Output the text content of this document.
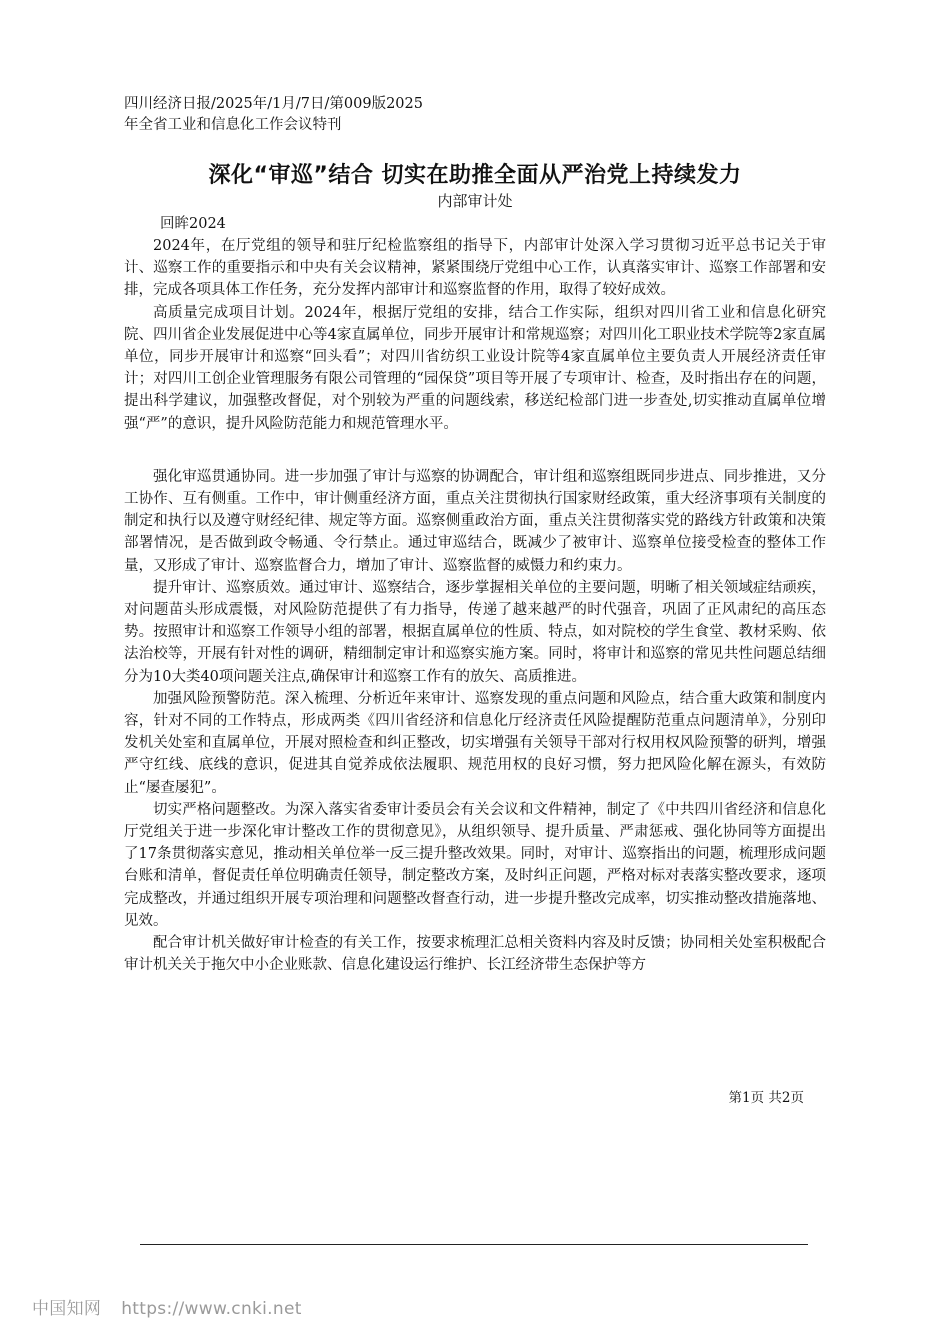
四川经济日报/2025年/1月/7日/第009版2025年全省工业和信息化工作会议特刊
深化“审巡”结合 切实在助推全面从严治党上持续发力
内部审计处
回眸2024

2024年，在厅党组的领导和驻厅纪检监察组的指导下，内部审计处深入学习贯彻习近平总书记关于审计、巡察工作的重要指示和中央有关会议精神，紧紧围绕厅党组中心工作，认真落实审计、巡察工作部署和安排，完成各项具体工作任务，充分发挥内部审计和巡察监督的作用，取得了较好成效。

高质量完成项目计划。2024年，根据厅党组的安排，结合工作实际，组织对四川省工业和信息化研究院、四川省企业发展促进中心等4家直属单位，同步开展审计和常规巡察；对四川化工职业技术学院等2家直属单位，同步开展审计和巡察“回头看”；对四川省纺织工业设计院等4家直属单位主要负责人开展经济责任审计；对四川工创企业管理服务有限公司管理的“园保贷”项目等开展了专项审计、检查，及时指出存在的问题，提出科学建议，加强整改督促，对个别较为严重的问题线索，移送纪检部门进一步查处,切实推动直属单位增强“严”的意识，提升风险防范能力和规范管理水平。

强化审巡贯通协同。进一步加强了审计与巡察的协调配合，审计组和巡察组既同步进点、同步推进，又分工协作、互有侧重。工作中，审计侧重经济方面，重点关注贯彻执行国家财经政策，重大经济事项有关制度的制定和执行以及遵守财经纪律、规定等方面。巡察侧重政治方面，重点关注贯彻落实党的路线方针政策和决策部署情况，是否做到政令畅通、令行禁止。通过审巡结合，既减少了被审计、巡察单位接受检查的整体工作量，又形成了审计、巡察监督合力，增加了审计、巡察监督的威慑力和约束力。

提升审计、巡察质效。通过审计、巡察结合，逐步掌握相关单位的主要问题，明晰了相关领域症结顽疾，对问题苗头形成震慑，对风险防范提供了有力指导，传递了越来越严的时代强音，巩固了正风肃纪的高压态势。按照审计和巡察工作领导小组的部署，根据直属单位的性质、特点，如对院校的学生食堂、教材采购、依法治校等，开展有针对性的调研，精细制定审计和巡察实施方案。同时，将审计和巡察的常见共性问题总结细分为10大类40项问题关注点,确保审计和巡察工作有的放矢、高质推进。

加强风险预警防范。深入梳理、分析近年来审计、巡察发现的重点问题和风险点，结合重大政策和制度内容，针对不同的工作特点，形成两类《四川省经济和信息化厅经济责任风险提醒防范重点问题清单》，分别印发机关处室和直属单位，开展对照检查和纠正整改，切实增强有关领导干部对行权用权风险预警的研判，增强严守红线、底线的意识，促进其自觉养成依法履职、规范用权的良好习惯，努力把风险化解在源头，有效防止“屡查屡犯”。

切实严格问题整改。为深入落实省委审计委员会有关会议和文件精神，制定了《中共四川省经济和信息化厅党组关于进一步深化审计整改工作的贯彻意见》，从组织领导、提升质量、严肃惩戒、强化协同等方面提出了17条贯彻落实意见，推动相关单位举一反三提升整改效果。同时，对审计、巡察指出的问题，梳理形成问题台账和清单，督促责任单位明确责任领导，制定整改方案，及时纠正问题，严格对标对表落实整改要求，逐项完成整改，并通过组织开展专项治理和问题整改督查行动，进一步提升整改完成率，切实推动整改措施落地、见效。

配合审计机关做好审计检查的有关工作，按要求梳理汇总相关资料内容及时反馈；协同相关处室积极配合审计机关关于拖欠中小企业账款、信息化建设运行维护、长江经济带生态保护等方

第1页 共2页
中国知网 https://www.cnki.net
